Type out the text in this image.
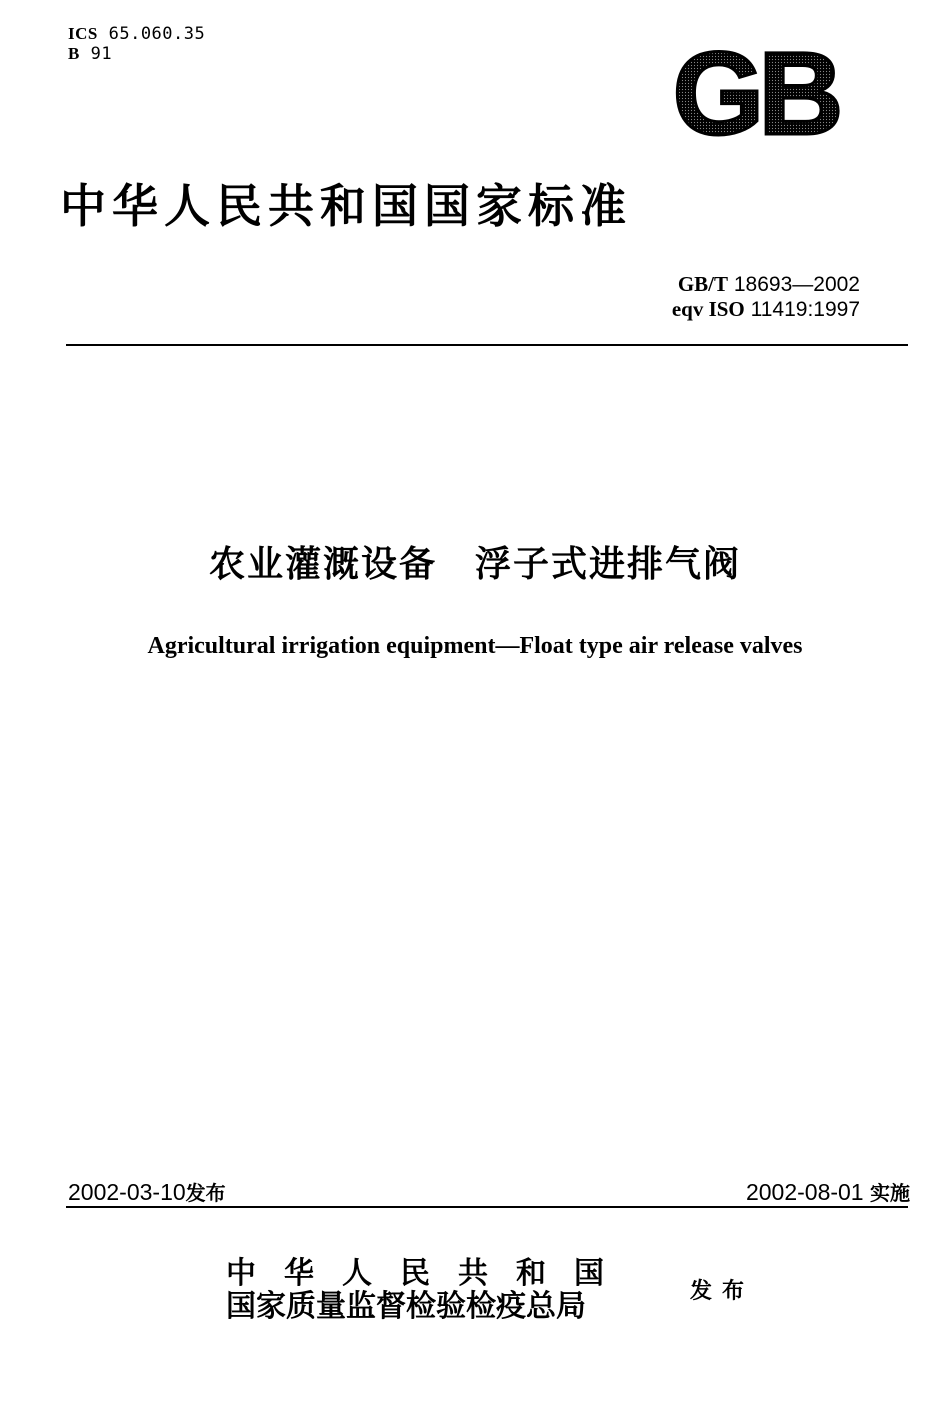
ICS 65.060.35
B 91	GB
中华人民共和国国家标准
GB/T 18693—2002
eqv ISO 11419:1997
农业灌溉设备　浮子式进排气阀
Agricultural irrigation equipment—Float type air release valves
2002-03-10发布	2002-08-01 实施
中华人民共和国
国家质量监督检验检疫总局	发布
